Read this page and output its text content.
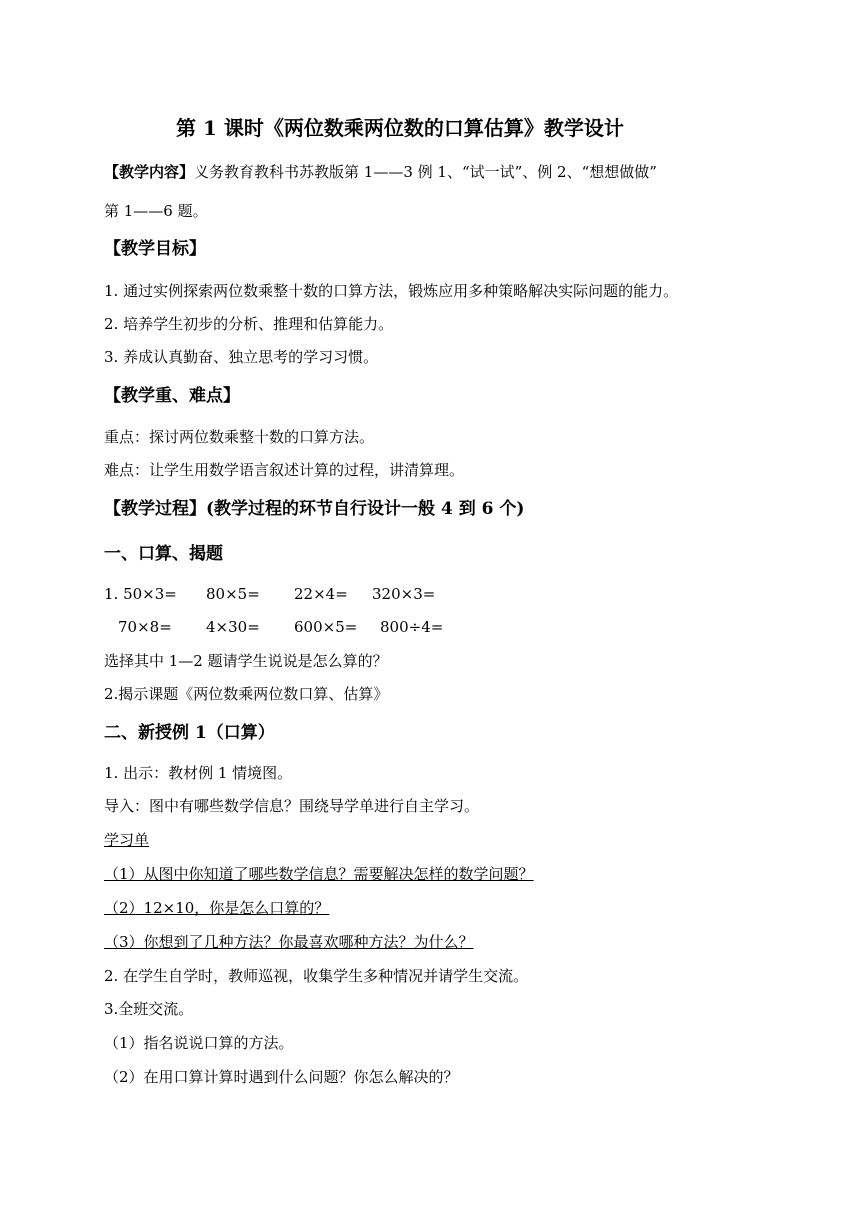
第 1 课时《两位数乘两位数的口算估算》教学设计
【教学内容】义务教育教科书苏教版第 1——3 例 1、“试一试”、例 2、“想想做做”
第 1——6 题。
【教学目标】
1. 通过实例探索两位数乘整十数的口算方法，锻炼应用多种策略解决实际问题的能力。
2. 培养学生初步的分析、推理和估算能力。
3. 养成认真勤奋、独立思考的学习习惯。
【教学重、难点】
重点：探讨两位数乘整十数的口算方法。
难点：让学生用数学语言叙述计算的过程，讲清算理。
【教学过程】(教学过程的环节自行设计一般 4 到 6 个)
一、口算、揭题
1. 50×3= 80×5= 22×4= 320×3=
70×8= 4×30= 600×5= 800÷4=
选择其中 1—2 题请学生说说是怎么算的？
2.揭示课题《两位数乘两位数口算、估算》
二、新授例 1（口算）
1. 出示：教材例 1 情境图。
导入：图中有哪些数学信息？围绕导学单进行自主学习。
学习单
（1）从图中你知道了哪些数学信息？需要解决怎样的数学问题？
（2）12×10，你是怎么口算的？
（3）你想到了几种方法？你最喜欢哪种方法？为什么？
2. 在学生自学时，教师巡视，收集学生多种情况并请学生交流。
3.全班交流。
（1）指名说说口算的方法。
（2）在用口算计算时遇到什么问题？你怎么解决的？
